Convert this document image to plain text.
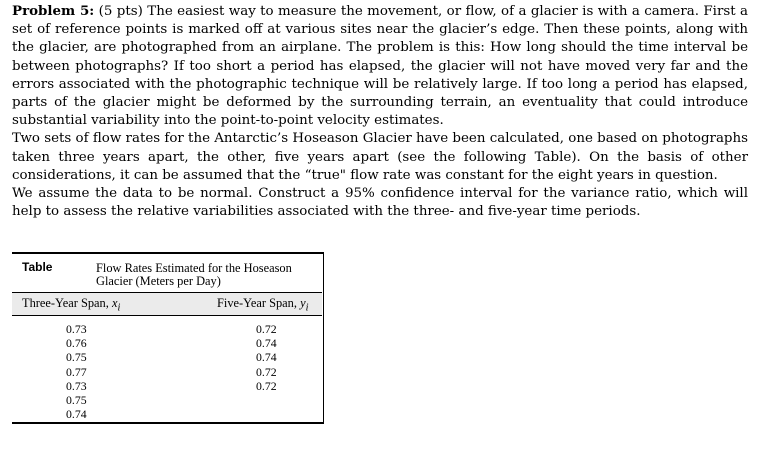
Problem 5: (5 pts) The easiest way to measure the movement, or flow, of a glacier is with a camera. First a set of reference points is marked off at various sites near the glacier’s edge. Then these points, along with the glacier, are photographed from an airplane. The problem is this: How long should the time interval be between photographs? If too short a period has elapsed, the glacier will not have moved very far and the errors associated with the photographic technique will be relatively large. If too long a period has elapsed, parts of the glacier might be deformed by the surrounding terrain, an eventuality that could introduce substantial variability into the point-to-point velocity estimates.

Two sets of flow rates for the Antarctic’s Hoseason Glacier have been calculated, one based on photographs taken three years apart, the other, five years apart (see the following Table). On the basis of other considerations, it can be assumed that the “true" flow rate was constant for the eight years in question.

We assume the data to be normal. Construct a 95% confidence interval for the variance ratio, which will help to assess the relative variabilities associated with the three- and five-year time periods.

Table	Flow Rates Estimated for the Hoseason Glacier (Meters per Day)
Three-Year Span, $x_i$	Five-Year Span, $y_i$
0.73
0.76
0.75
0.77
0.73
0.75
0.74
0.72
0.74
0.74
0.72
0.72
